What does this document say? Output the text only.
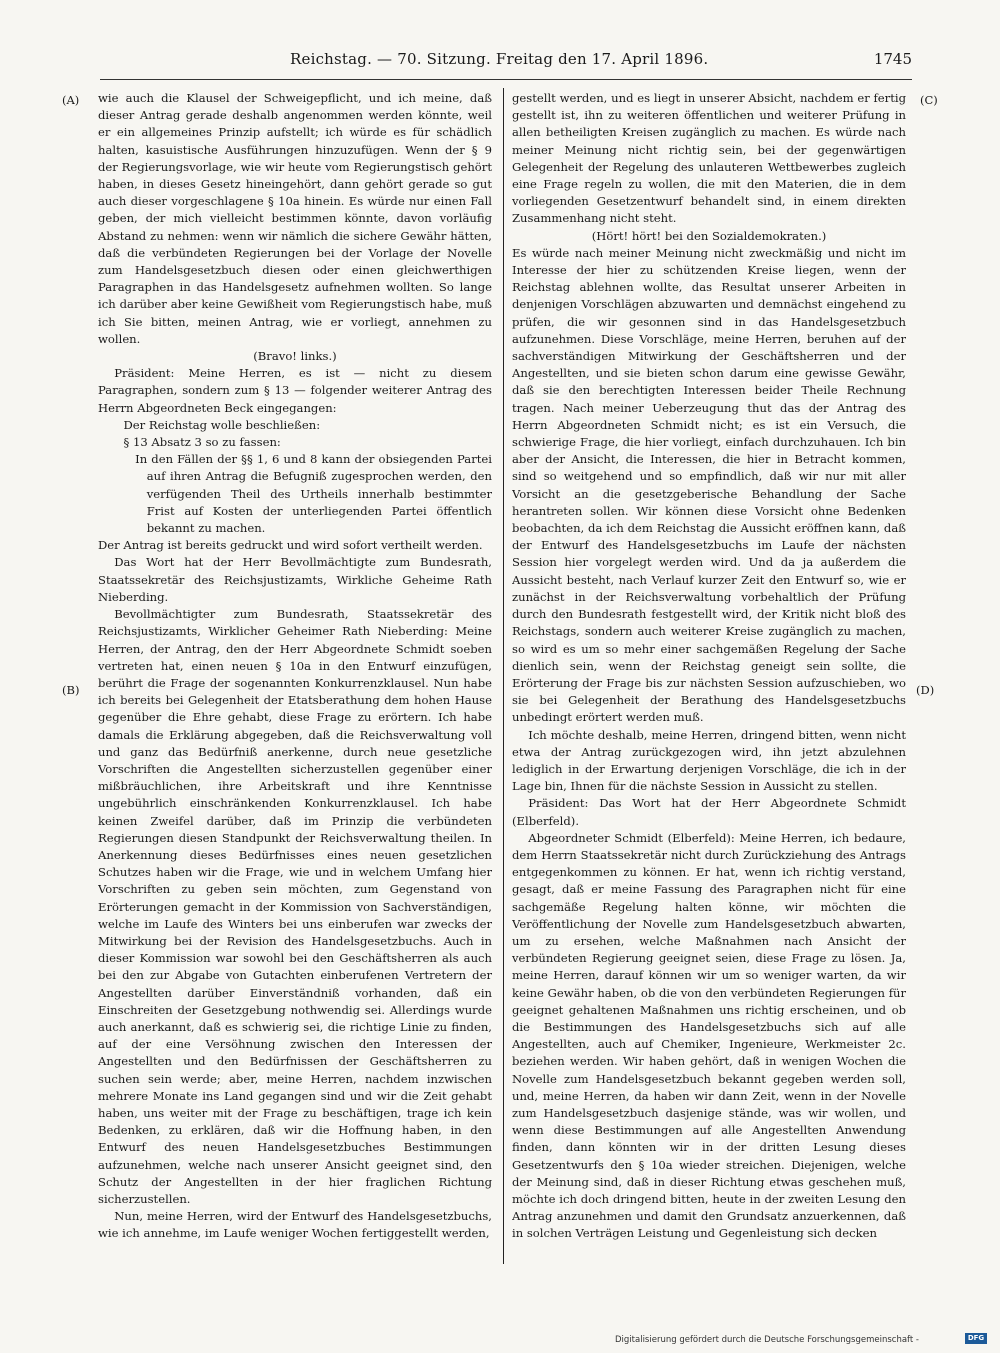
Reichstag. — 70. Sitzung. Freitag den 17. April 1896.	1745
(A)
(B)
(C)
(D)

wie auch die Klausel der Schweigepflicht, und ich meine, daß dieser Antrag gerade deshalb angenommen werden könnte, weil er ein allgemeines Prinzip aufstellt; ich würde es für schädlich halten, kasuistische Ausführungen hinzuzufügen. Wenn der § 9 der Regierungsvorlage, wie wir heute vom Regierungstisch gehört haben, in dieses Gesetz hineingehört, dann gehört gerade so gut auch dieser vorgeschlagene § 10a hinein. Es würde nur einen Fall geben, der mich vielleicht bestimmen könnte, davon vorläufig Abstand zu nehmen: wenn wir nämlich die sichere Gewähr hätten, daß die verbündeten Regierungen bei der Vorlage der Novelle zum Handelsgesetzbuch diesen oder einen gleichwerthigen Paragraphen in das Handelsgesetz aufnehmen wollten. So lange ich darüber aber keine Gewißheit vom Regierungstisch habe, muß ich Sie bitten, meinen Antrag, wie er vorliegt, annehmen zu wollen.

(Bravo! links.)

Präsident: Meine Herren, es ist — nicht zu diesem Paragraphen, sondern zum § 13 — folgender weiterer Antrag des Herrn Abgeordneten Beck eingegangen:

Der Reichstag wolle beschließen:

§ 13 Absatz 3 so zu fassen:

In den Fällen der §§ 1, 6 und 8 kann der obsiegenden Partei auf ihren Antrag die Befugniß zugesprochen werden, den verfügenden Theil des Urtheils innerhalb bestimmter Frist auf Kosten der unterliegenden Partei öffentlich bekannt zu machen.

Der Antrag ist bereits gedruckt und wird sofort vertheilt werden.

Das Wort hat der Herr Bevollmächtigte zum Bundesrath, Staatssekretär des Reichsjustizamts, Wirkliche Geheime Rath Nieberding.

Bevollmächtigter zum Bundesrath, Staatssekretär des Reichsjustizamts, Wirklicher Geheimer Rath Nieberding: Meine Herren, der Antrag, den der Herr Abgeordnete Schmidt soeben vertreten hat, einen neuen § 10a in den Entwurf einzufügen, berührt die Frage der sogenannten Konkurrenzklausel. Nun habe ich bereits bei Gelegenheit der Etatsberathung dem hohen Hause gegenüber die Ehre gehabt, diese Frage zu erörtern. Ich habe damals die Erklärung abgegeben, daß die Reichsverwaltung voll und ganz das Bedürfniß anerkenne, durch neue gesetzliche Vorschriften die Angestellten sicherzustellen gegenüber einer mißbräuchlichen, ihre Arbeitskraft und ihre Kenntnisse ungebührlich einschränkenden Konkurrenzklausel. Ich habe keinen Zweifel darüber, daß im Prinzip die verbündeten Regierungen diesen Standpunkt der Reichsverwaltung theilen. In Anerkennung dieses Bedürfnisses eines neuen gesetzlichen Schutzes haben wir die Frage, wie und in welchem Umfang hier Vorschriften zu geben sein möchten, zum Gegenstand von Erörterungen gemacht in der Kommission von Sachverständigen, welche im Laufe des Winters bei uns einberufen war zwecks der Mitwirkung bei der Revision des Handelsgesetzbuchs. Auch in dieser Kommission war sowohl bei den Geschäftsherren als auch bei den zur Abgabe von Gutachten einberufenen Vertretern der Angestellten darüber Einverständniß vorhanden, daß ein Einschreiten der Gesetzgebung nothwendig sei. Allerdings wurde auch anerkannt, daß es schwierig sei, die richtige Linie zu finden, auf der eine Versöhnung zwischen den Interessen der Angestellten und den Bedürfnissen der Geschäftsherren zu suchen sein werde; aber, meine Herren, nachdem inzwischen mehrere Monate ins Land gegangen sind und wir die Zeit gehabt haben, uns weiter mit der Frage zu beschäftigen, trage ich kein Bedenken, zu erklären, daß wir die Hoffnung haben, in den Entwurf des neuen Handelsgesetzbuches Bestimmungen aufzunehmen, welche nach unserer Ansicht geeignet sind, den Schutz der Angestellten in der hier fraglichen Richtung sicherzustellen.

Nun, meine Herren, wird der Entwurf des Handelsgesetzbuchs, wie ich annehme, im Laufe weniger Wochen fertiggestellt werden,

gestellt werden, und es liegt in unserer Absicht, nachdem er fertig gestellt ist, ihn zu weiteren öffentlichen und weiterer Prüfung in allen betheiligten Kreisen zugänglich zu machen. Es würde nach meiner Meinung nicht richtig sein, bei der gegenwärtigen Gelegenheit der Regelung des unlauteren Wettbewerbes zugleich eine Frage regeln zu wollen, die mit den Materien, die in dem vorliegenden Gesetzentwurf behandelt sind, in einem direkten Zusammenhang nicht steht.

(Hört! hört! bei den Sozialdemokraten.)

Es würde nach meiner Meinung nicht zweckmäßig und nicht im Interesse der hier zu schützenden Kreise liegen, wenn der Reichstag ablehnen wollte, das Resultat unserer Arbeiten in denjenigen Vorschlägen abzuwarten und demnächst eingehend zu prüfen, die wir gesonnen sind in das Handelsgesetzbuch aufzunehmen. Diese Vorschläge, meine Herren, beruhen auf der sachverständigen Mitwirkung der Geschäftsherren und der Angestellten, und sie bieten schon darum eine gewisse Gewähr, daß sie den berechtigten Interessen beider Theile Rechnung tragen. Nach meiner Ueberzeugung thut das der Antrag des Herrn Abgeordneten Schmidt nicht; es ist ein Versuch, die schwierige Frage, die hier vorliegt, einfach durchzuhauen. Ich bin aber der Ansicht, die Interessen, die hier in Betracht kommen, sind so weitgehend und so empfindlich, daß wir nur mit aller Vorsicht an die gesetzgeberische Behandlung der Sache herantreten sollen. Wir können diese Vorsicht ohne Bedenken beobachten, da ich dem Reichstag die Aussicht eröffnen kann, daß der Entwurf des Handelsgesetzbuchs im Laufe der nächsten Session hier vorgelegt werden wird. Und da ja außerdem die Aussicht besteht, nach Verlauf kurzer Zeit den Entwurf so, wie er zunächst in der Reichsverwaltung vorbehaltlich der Prüfung durch den Bundesrath festgestellt wird, der Kritik nicht bloß des Reichstags, sondern auch weiterer Kreise zugänglich zu machen, so wird es um so mehr einer sachgemäßen Regelung der Sache dienlich sein, wenn der Reichstag geneigt sein sollte, die Erörterung der Frage bis zur nächsten Session aufzuschieben, wo sie bei Gelegenheit der Berathung des Handelsgesetzbuchs unbedingt erörtert werden muß.

Ich möchte deshalb, meine Herren, dringend bitten, wenn nicht etwa der Antrag zurückgezogen wird, ihn jetzt abzulehnen lediglich in der Erwartung derjenigen Vorschläge, die ich in der Lage bin, Ihnen für die nächste Session in Aussicht zu stellen.

Präsident: Das Wort hat der Herr Abgeordnete Schmidt (Elberfeld).

Abgeordneter Schmidt (Elberfeld): Meine Herren, ich bedaure, dem Herrn Staatssekretär nicht durch Zurückziehung des Antrags entgegenkommen zu können. Er hat, wenn ich richtig verstand, gesagt, daß er meine Fassung des Paragraphen nicht für eine sachgemäße Regelung halten könne, wir möchten die Veröffentlichung der Novelle zum Handelsgesetzbuch abwarten, um zu ersehen, welche Maßnahmen nach Ansicht der verbündeten Regierung geeignet seien, diese Frage zu lösen. Ja, meine Herren, darauf können wir um so weniger warten, da wir keine Gewähr haben, ob die von den verbündeten Regierungen für geeignet gehaltenen Maßnahmen uns richtig erscheinen, und ob die Bestimmungen des Handelsgesetzbuchs sich auf alle Angestellten, auch auf Chemiker, Ingenieure, Werkmeister 2c. beziehen werden. Wir haben gehört, daß in wenigen Wochen die Novelle zum Handelsgesetzbuch bekannt gegeben werden soll, und, meine Herren, da haben wir dann Zeit, wenn in der Novelle zum Handelsgesetzbuch dasjenige stände, was wir wollen, und wenn diese Bestimmungen auf alle Angestellten Anwendung finden, dann könnten wir in der dritten Lesung dieses Gesetzentwurfs den § 10a wieder streichen. Diejenigen, welche der Meinung sind, daß in dieser Richtung etwas geschehen muß, möchte ich doch dringend bitten, heute in der zweiten Lesung den Antrag anzunehmen und damit den Grundsatz anzuerkennen, daß in solchen Verträgen Leistung und Gegenleistung sich decken

Digitalisierung gefördert durch die Deutsche Forschungsgemeinschaft -	DFG
